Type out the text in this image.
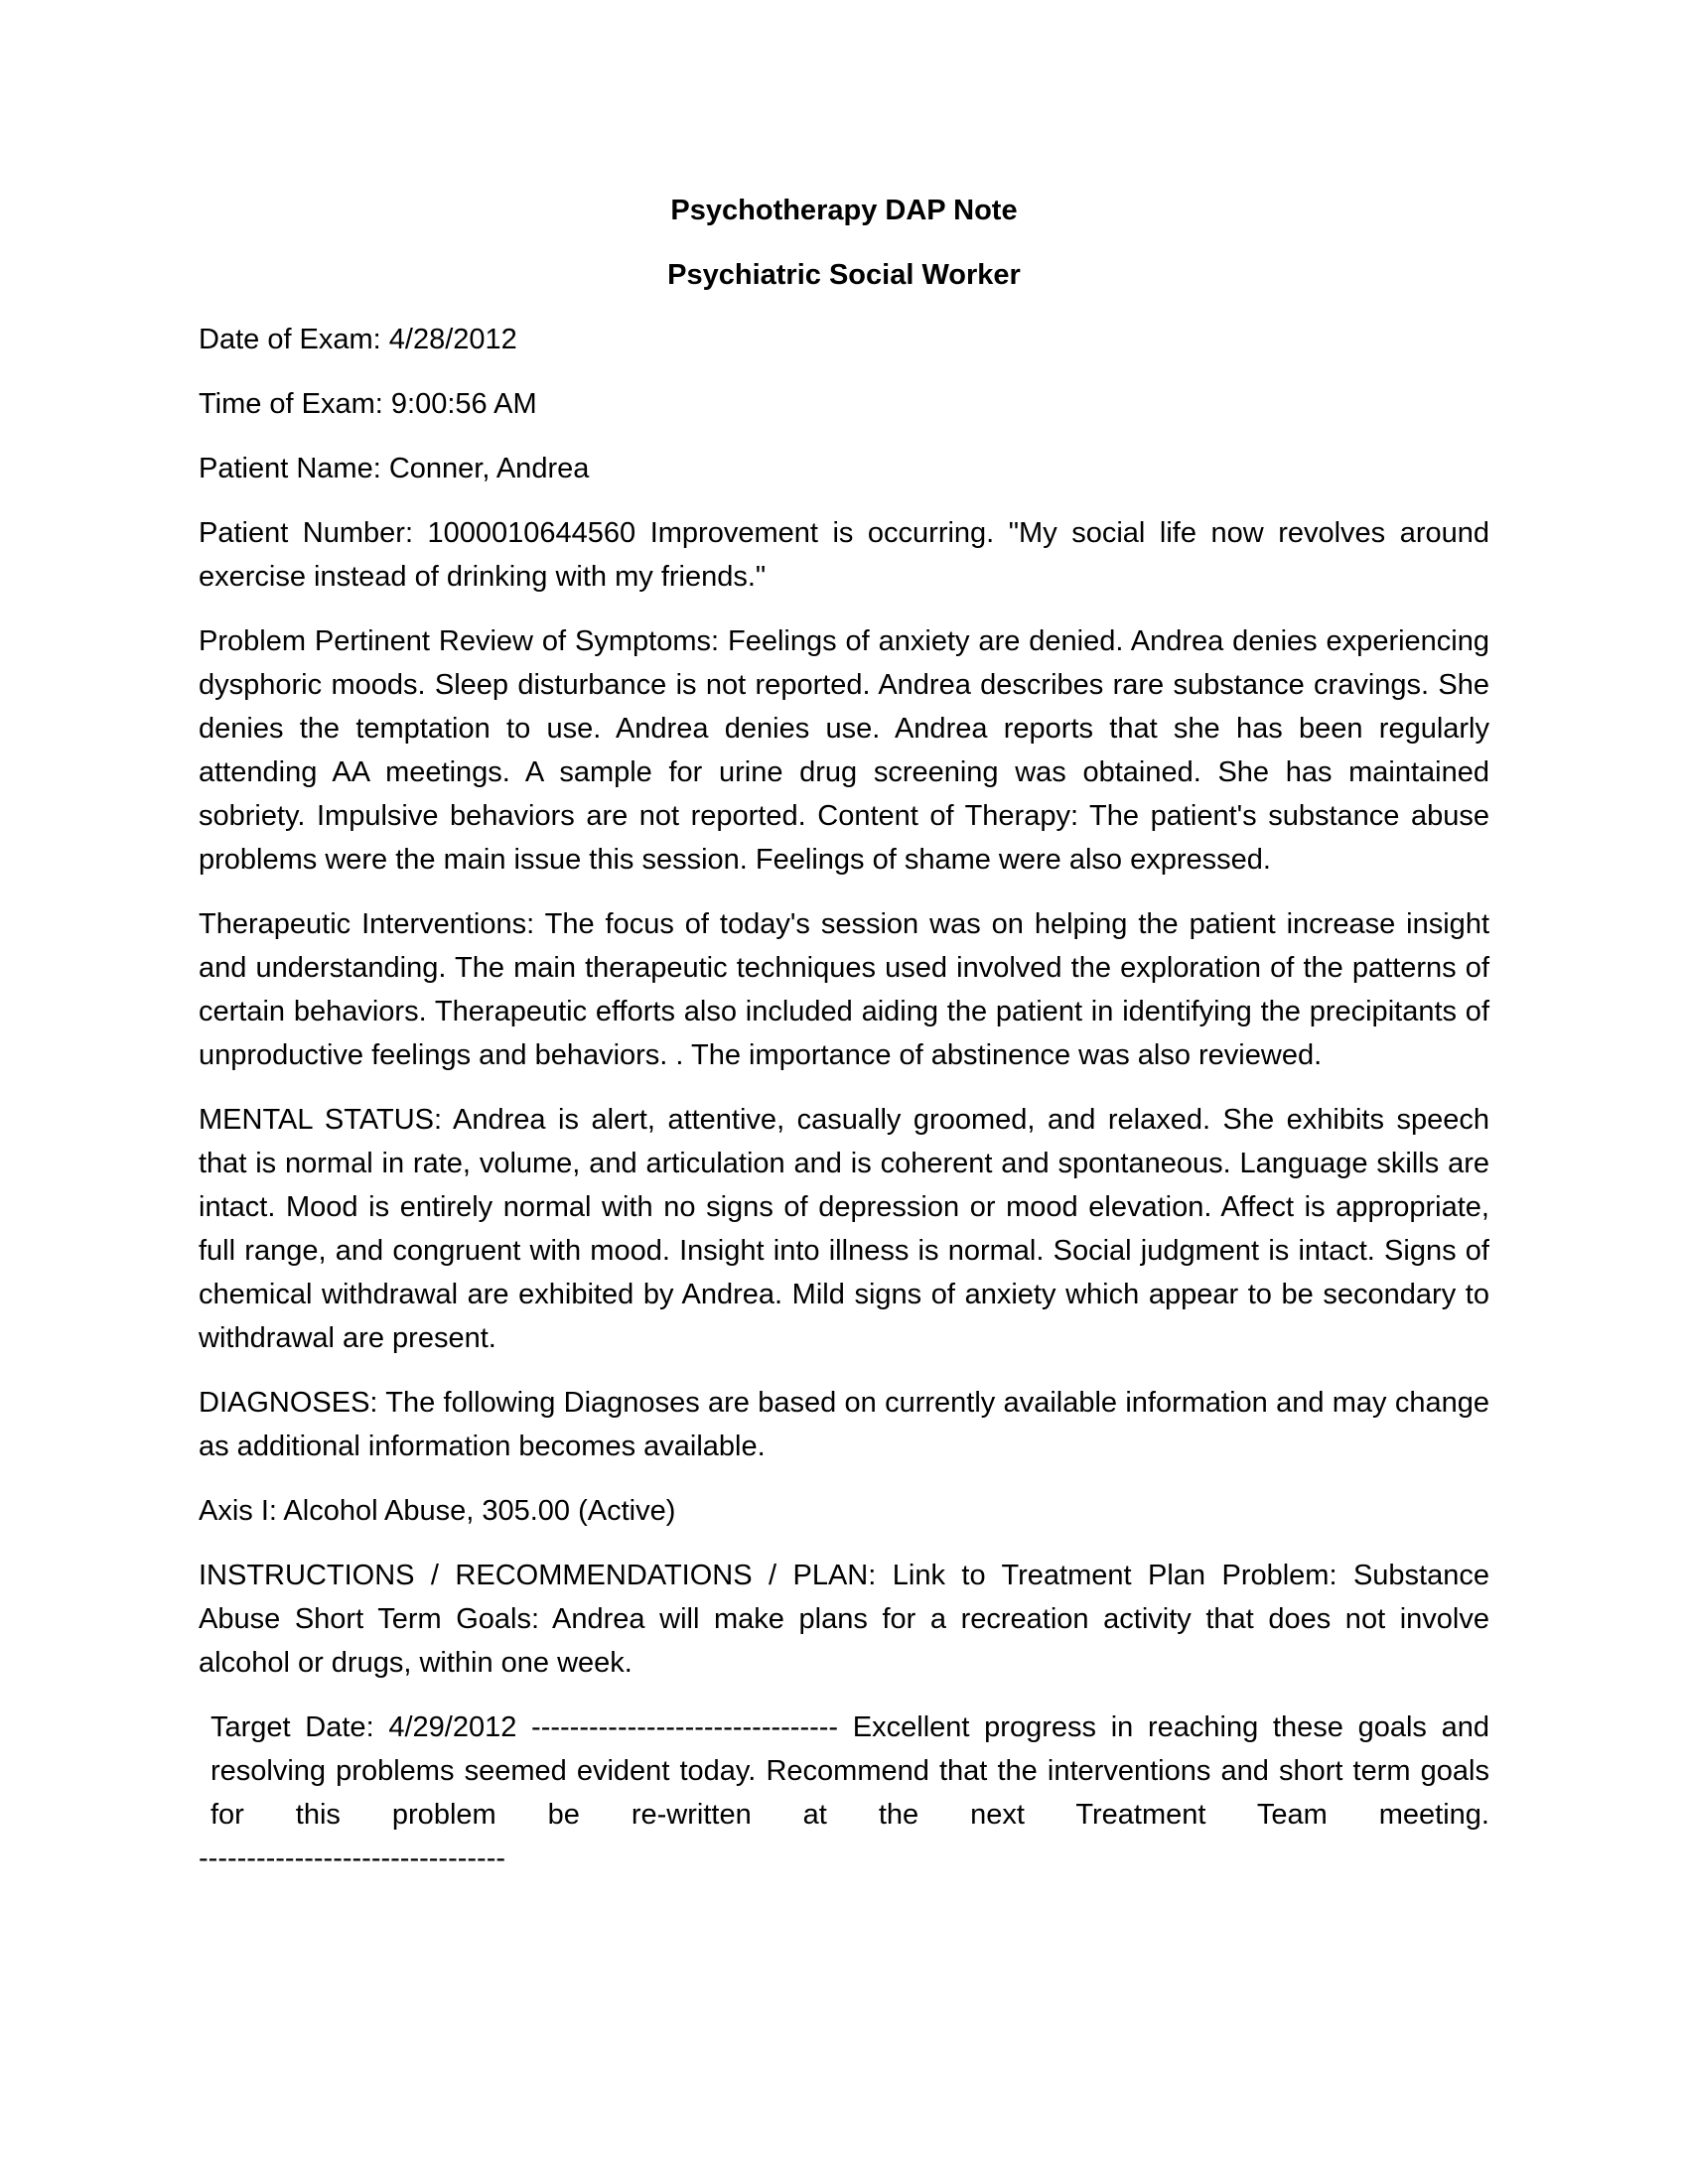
Psychotherapy DAP Note

Psychiatric Social Worker

Date of Exam: 4/28/2012

Time of Exam: 9:00:56 AM

Patient Name: Conner, Andrea

Patient Number: 1000010644560 Improvement is occurring. "My social life now revolves around exercise instead of drinking with my friends."

Problem Pertinent Review of Symptoms: Feelings of anxiety are denied. Andrea denies experiencing dysphoric moods. Sleep disturbance is not reported. Andrea describes rare substance cravings. She denies the temptation to use. Andrea denies use. Andrea reports that she has been regularly attending AA meetings. A sample for urine drug screening was obtained. She has maintained sobriety. Impulsive behaviors are not reported. Content of Therapy: The patient's substance abuse problems were the main issue this session. Feelings of shame were also expressed.

Therapeutic Interventions: The focus of today's session was on helping the patient increase insight and understanding. The main therapeutic techniques used involved the exploration of the patterns of certain behaviors. Therapeutic efforts also included aiding the patient in identifying the precipitants of unproductive feelings and behaviors. . The importance of abstinence was also reviewed.

MENTAL STATUS: Andrea is alert, attentive, casually groomed, and relaxed. She exhibits speech that is normal in rate, volume, and articulation and is coherent and spontaneous. Language skills are intact. Mood is entirely normal with no signs of depression or mood elevation. Affect is appropriate, full range, and congruent with mood. Insight into illness is normal. Social judgment is intact. Signs of chemical withdrawal are exhibited by Andrea. Mild signs of anxiety which appear to be secondary to withdrawal are present.

DIAGNOSES: The following Diagnoses are based on currently available information and may change as additional information becomes available.

Axis I: Alcohol Abuse, 305.00 (Active)

INSTRUCTIONS / RECOMMENDATIONS / PLAN: Link to Treatment Plan Problem: Substance Abuse Short Term Goals: Andrea will make plans for a recreation activity that does not involve alcohol or drugs, within one week.

Target Date: 4/29/2012 -------------------------------- Excellent progress in reaching these goals and resolving problems seemed evident today. Recommend that the interventions and short term goals for this problem be re-written at the next Treatment Team meeting.
--------------------------------
